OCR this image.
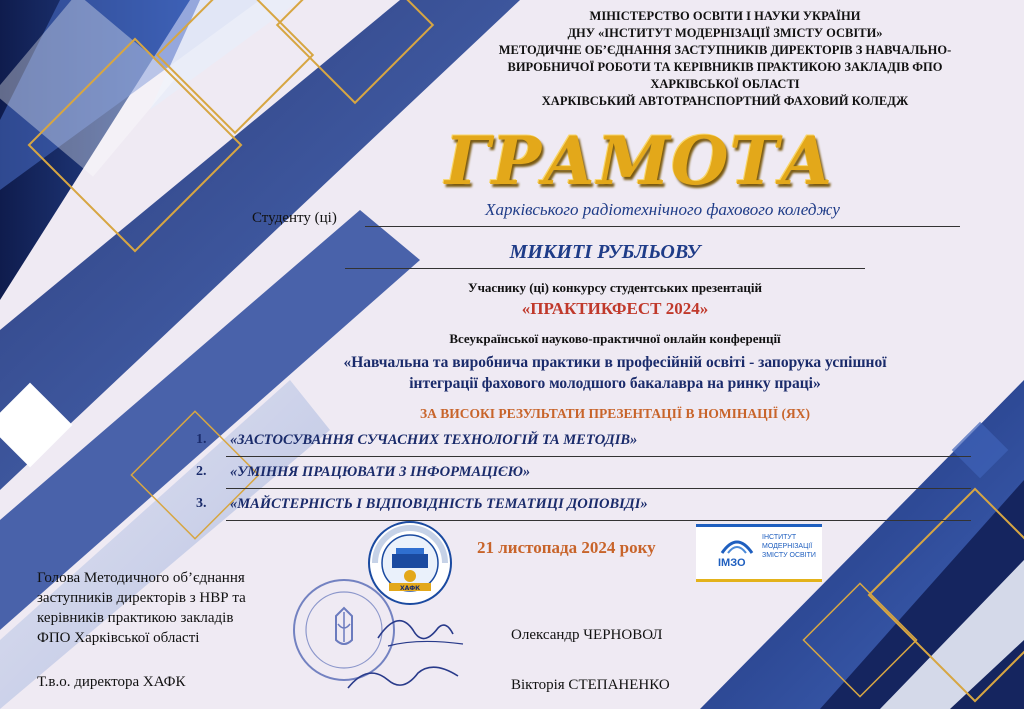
МІНІСТЕРСТВО ОСВІТИ І НАУКИ УКРАЇНИ
ДНУ «ІНСТИТУТ МОДЕРНІЗАЦІЇ ЗМІСТУ ОСВІТИ»
МЕТОДИЧНЕ ОБ’ЄДНАННЯ ЗАСТУПНИКІВ ДИРЕКТОРІВ З НАВЧАЛЬНО-
ВИРОБНИЧОЇ РОБОТИ ТА КЕРІВНИКІВ ПРАКТИКОЮ ЗАКЛАДІВ ФПО
ХАРКІВСЬКОЇ ОБЛАСТІ
ХАРКІВСЬКИЙ АВТОТРАНСПОРТНИЙ ФАХОВИЙ КОЛЕДЖ
ГРАМОТА
Студенту (ці)	Харківського радіотехнічного фахового коледжу
МИКИТІ РУБЛЬОВУ
Учаснику (ці) конкурсу студентських презентацій
«ПРАКТИКФЕСТ 2024»
Всеукраїнської науково-практичної онлайн конференції
«Навчальна та виробнича практики в професійній освіті - запорука успішної
інтеграції фахового молодшого бакалавра на ринку праці»
ЗА ВИСОКІ РЕЗУЛЬТАТИ ПРЕЗЕНТАЦІЇ В НОМІНАЦІЇ (ЯХ)
1. «ЗАСТОСУВАННЯ СУЧАСНИХ ТЕХНОЛОГІЙ ТА МЕТОДІВ»
2. «УМІННЯ ПРАЦЮВАТИ З ІНФОРМАЦІЄЮ»
3. «МАЙСТЕРНІСТЬ І ВІДПОВІДНІСТЬ ТЕМАТИЦІ ДОПОВІДІ»
ХАФК
21 листопада 2024 року
ІМЗО
ІНСТИТУТ МОДЕРНІЗАЦІЇ ЗМІСТУ ОСВІТИ
Голова Методичного об’єднання
заступників директорів з НВР та
керівників практикою закладів
ФПО Харківської області
Т.в.о. директора ХАФК
Олександр ЧЕРНОВОЛ
Вікторія СТЕПАНЕНКО
